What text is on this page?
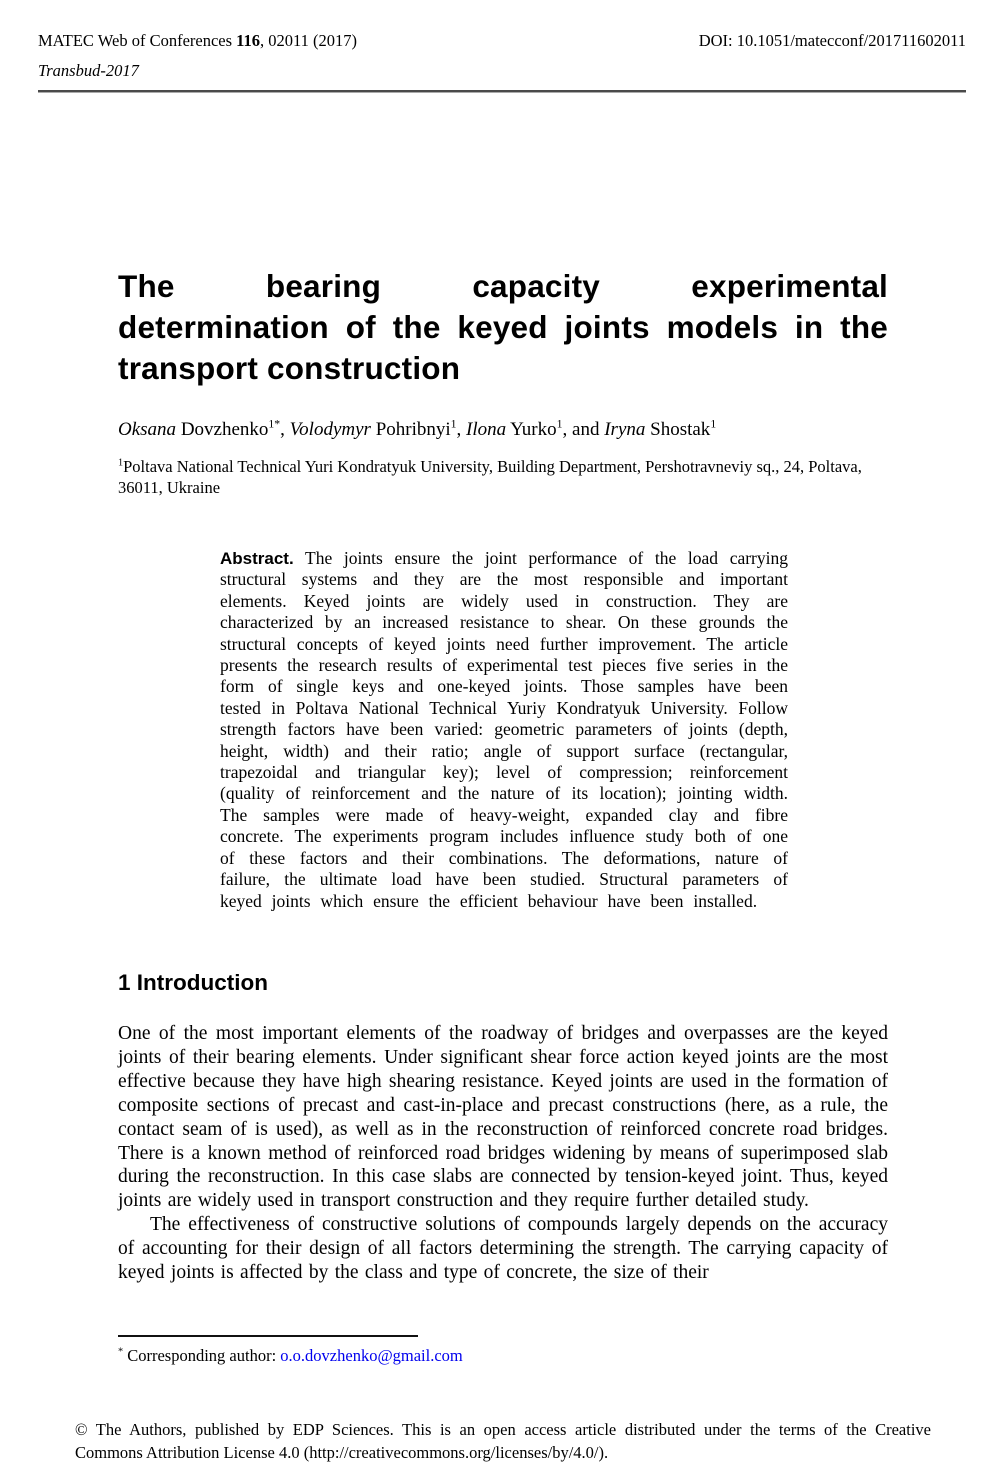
MATEC Web of Conferences 116, 02011 (2017)	DOI: 10.1051/matecconf/201711602011
Transbud-2017
The bearing capacity experimental
determination of the keyed joints models in the
transport construction
Oksana Dovzhenko$^{1*}$, Volodymyr Pohribnyi$^1$, Ilona Yurko$^1$, and Iryna Shostak$^1$
$^1$Poltava National Technical Yuri Kondratyuk University, Building Department, Pershotravneviy sq., 24, Poltava, 36011, Ukraine
Abstract. The joints ensure the joint performance of the load carrying structural systems and they are the most responsible and important elements. Keyed joints are widely used in construction. They are characterized by an increased resistance to shear. On these grounds the structural concepts of keyed joints need further improvement. The article presents the research results of experimental test pieces five series in the form of single keys and one-keyed joints. Those samples have been tested in Poltava National Technical Yuriy Kondratyuk University. Follow strength factors have been varied: geometric parameters of joints (depth, height, width) and their ratio; angle of support surface (rectangular, trapezoidal and triangular key); level of compression; reinforcement (quality of reinforcement and the nature of its location); jointing width. The samples were made of heavy-weight, expanded clay and fibre concrete. The experiments program includes influence study both of one of these factors and their combinations. The deformations, nature of failure, the ultimate load have been studied. Structural parameters of keyed joints which ensure the efficient behaviour have been installed.
1 Introduction

One of the most important elements of the roadway of bridges and overpasses are the keyed joints of their bearing elements. Under significant shear force action keyed joints are the most effective because they have high shearing resistance. Keyed joints are used in the formation of composite sections of precast and cast-in-place and precast constructions (here, as a rule, the contact seam of is used), as well as in the reconstruction of reinforced concrete road bridges. There is a known method of reinforced road bridges widening by means of superimposed slab during the reconstruction. In this case slabs are connected by tension-keyed joint. Thus, keyed joints are widely used in transport construction and they require further detailed study.

The effectiveness of constructive solutions of compounds largely depends on the accuracy of accounting for their design of all factors determining the strength. The carrying capacity of keyed joints is affected by the class and type of concrete, the size of their

* Corresponding author: o.o.dovzhenko@gmail.com
© The Authors, published by EDP Sciences. This is an open access article distributed under the terms of the Creative
Commons Attribution License 4.0 (http://creativecommons.org/licenses/by/4.0/).
